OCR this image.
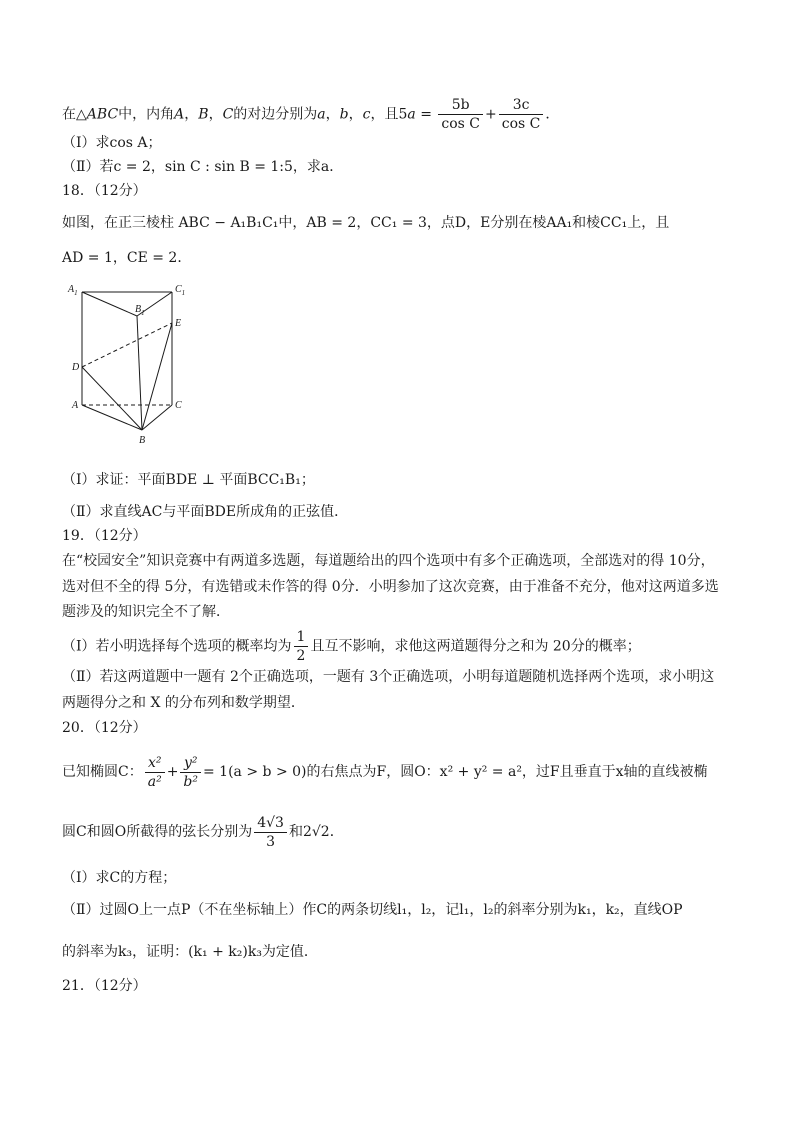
在△ABC中，内角A，B，C的对边分别为a，b，c，且$5a = \frac{5b}{\text{cos C}} + \frac{3c}{\text{cos C}}$ ．
（Ⅰ）求cos A；
（Ⅱ）若c = 2，sin C : sin B = 1:5，求a．
18．（12分）
如图，在正三棱柱 ABC − A₁B₁C₁中，AB = 2，CC₁ = 3，点D，E分别在棱AA₁和棱CC₁上，且
AD = 1，CE = 2．
$A_1$	$C_1$
$B_1$
E
D
A	C
B
（Ⅰ）求证：平面BDE ⊥ 平面BCC₁B₁；
（Ⅱ）求直线AC与平面BDE所成角的正弦值．
19．（12分）
在“校园安全”知识竞赛中有两道多选题，每道题给出的四个选项中有多个正确选项，全部选对的得 10分，
选对但不全的得 5分，有选错或未作答的得 0分．小明参加了这次竞赛，由于准备不充分，他对这两道多选
题涉及的知识完全不了解．
（Ⅰ）若小明选择每个选项的概率均为 $\frac{1}{2}$ 且互不影响，求他这两道题得分之和为 20分的概率；
（Ⅱ）若这两道题中一题有 2个正确选项，一题有 3个正确选项，小明每道题随机选择两个选项，求小明这
两题得分之和 X 的分布列和数学期望．
20．（12分）
已知椭圆C： $\frac{\text{x²}}{\text{a²}} + \frac{\text{y²}}{\text{b²}} = 1(a > b > 0)$的右焦点为F，圆O：x² + y² = a²，过F且垂直于x轴的直线被椭
圆C和圆O所截得的弦长分别为 $\frac{4√3}{3}$ 和2√2．
（Ⅰ）求C的方程；
（Ⅱ）过圆O上一点P（不在坐标轴上）作C的两条切线l₁，l₂，记l₁，l₂的斜率分别为k₁，k₂，直线OP
的斜率为k₃，证明：(k₁ + k₂)k₃为定值．
21．（12分）
